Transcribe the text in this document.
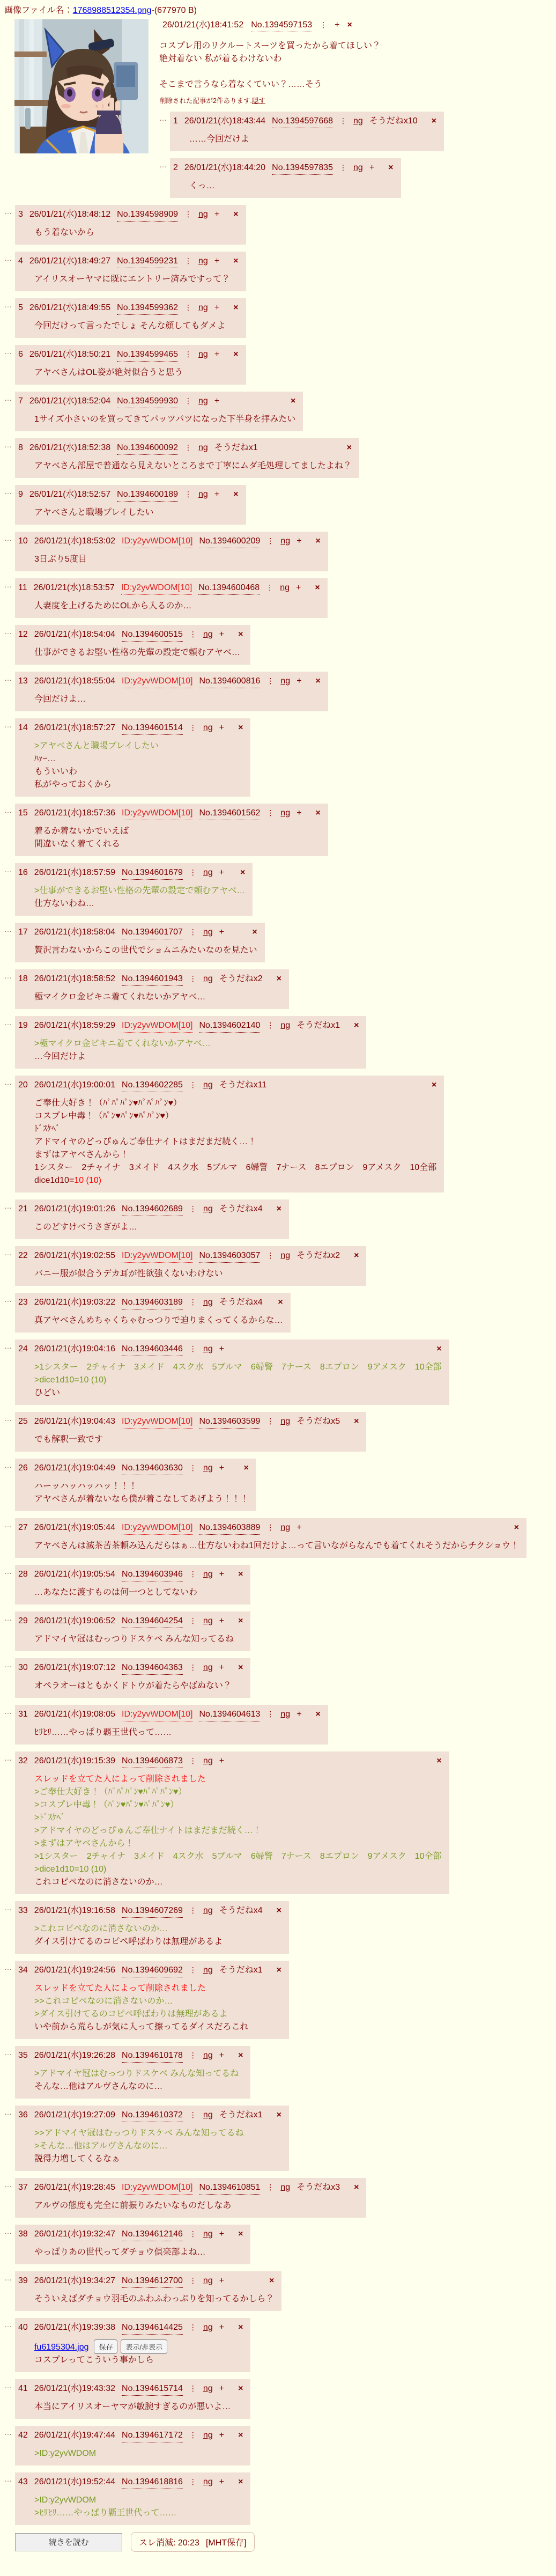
画像ファイル名：1768988512354.png-(677970 B)
26/01/21(水)18:41:52 No.1394597153 ⋮ + ×
コスプレ用のリクルートスーツを買ったから着てほしい？
絶対着ない 私が着るわけないわ

そこまで言うなら着なくていい？……そう
削除された記事が2件あります.隠す
… 1 26/01/21(水)18:43:44 No.1394597668 ⋮ ng そうだねx10	×
……今回だけよ
… 2 26/01/21(水)18:44:20 No.1394597835 ⋮ ng +	×
くっ…
… 3 26/01/21(水)18:48:12 No.1394598909 ⋮ ng +	×
もう着ないから
… 4 26/01/21(水)18:49:27 No.1394599231 ⋮ ng +	×
アイリスオーヤマに既にエントリー済みですって？
… 5 26/01/21(水)18:49:55 No.1394599362 ⋮ ng +	×
今回だけって言ったでしょ そんな顔してもダメよ
… 6 26/01/21(水)18:50:21 No.1394599465 ⋮ ng +	×
アヤベさんはOL姿が絶対似合うと思う
… 7 26/01/21(水)18:52:04 No.1394599930 ⋮ ng +	×
1サイズ小さいのを買ってきてパッツパツになった下半身を拝みたい
… 8 26/01/21(水)18:52:38 No.1394600092 ⋮ ng そうだねx1	×
アヤベさん部屋で普通なら見えないところまで丁寧にムダ毛処理してましたよね？
… 9 26/01/21(水)18:52:57 No.1394600189 ⋮ ng +	×
アヤベさんと職場プレイしたい
… 10 26/01/21(水)18:53:02 ID:y2yvWDOM[10] No.1394600209 ⋮ ng +	×
3日ぶり5度目
… 11 26/01/21(水)18:53:57 ID:y2yvWDOM[10] No.1394600468 ⋮ ng +	×
人妻度を上げるためにOLから入るのか…
… 12 26/01/21(水)18:54:04 No.1394600515 ⋮ ng +	×
仕事ができるお堅い性格の先輩の設定で頼むアヤベ…
… 13 26/01/21(水)18:55:04 ID:y2yvWDOM[10] No.1394600816 ⋮ ng +	×
今回だけよ…
… 14 26/01/21(水)18:57:27 No.1394601514 ⋮ ng +	×
>アヤベさんと職場プレイしたい
ﾊｧｰ…
もういいわ
私がやっておくから
… 15 26/01/21(水)18:57:36 ID:y2yvWDOM[10] No.1394601562 ⋮ ng +	×
着るか着ないかでいえば
間違いなく着てくれる
… 16 26/01/21(水)18:57:59 No.1394601679 ⋮ ng +	×
>仕事ができるお堅い性格の先輩の設定で頼むアヤベ…
仕方ないわね…
… 17 26/01/21(水)18:58:04 No.1394601707 ⋮ ng +	×
贅沢言わないからこの世代でショムニみたいなのを見たい
… 18 26/01/21(水)18:58:52 No.1394601943 ⋮ ng そうだねx2	×
極マイクロ金ビキニ着てくれないかアヤベ…
… 19 26/01/21(水)18:59:29 ID:y2yvWDOM[10] No.1394602140 ⋮ ng そうだねx1	×
>極マイクロ金ビキニ着てくれないかアヤベ…
…今回だけよ
… 20 26/01/21(水)19:00:01 No.1394602285 ⋮ ng そうだねx11	×
ご奉仕大好き！（ﾊﾟﾊﾟﾊﾟﾝ♥ﾊﾟﾊﾟﾊﾟﾝ♥）
コスプレ中毒！（ﾊﾟﾝ♥ﾊﾟﾝ♥ﾊﾟﾊﾟﾝ♥）
ﾄﾞｽｹﾍﾞ
アドマイヤのどっぴゅんご奉仕ナイトはまだまだ続く…！
まずはアヤベさんから！
1シスター　2チャイナ　3メイド　4スク水　5ブルマ　6婦警　7ナース　8エプロン　9アメスク　10全部
dice1d10=10 (10)
… 21 26/01/21(水)19:01:26 No.1394602689 ⋮ ng そうだねx4	×
このどすけべうさぎがよ…
… 22 26/01/21(水)19:02:55 ID:y2yvWDOM[10] No.1394603057 ⋮ ng そうだねx2	×
バニー服が似合うデカ耳が性欲強くないわけない
… 23 26/01/21(水)19:03:22 No.1394603189 ⋮ ng そうだねx4	×
真アヤベさんめちゃくちゃむっつりで迫りまくってくるからな…
… 24 26/01/21(水)19:04:16 No.1394603446 ⋮ ng +	×
>1シスター　2チャイナ　3メイド　4スク水　5ブルマ　6婦警　7ナース　8エプロン　9アメスク　10全部
>dice1d10=10 (10)
ひどい
… 25 26/01/21(水)19:04:43 ID:y2yvWDOM[10] No.1394603599 ⋮ ng そうだねx5	×
でも解釈一致です
… 26 26/01/21(水)19:04:49 No.1394603630 ⋮ ng +	×
ハーッハッハッハッ！！！
アヤベさんが着ないなら僕が着こなしてあげよう！！！
… 27 26/01/21(水)19:05:44 ID:y2yvWDOM[10] No.1394603889 ⋮ ng +	×
アヤベさんは滅茶苦茶頼み込んだらはぁ…仕方ないわね1回だけよ…って言いながらなんでも着てくれそうだからチクショウ！
… 28 26/01/21(水)19:05:54 No.1394603946 ⋮ ng +	×
…あなたに渡すものは何一つとしてないわ
… 29 26/01/21(水)19:06:52 No.1394604254 ⋮ ng +	×
アドマイヤ冠はむっつりドスケベ みんな知ってるね
… 30 26/01/21(水)19:07:12 No.1394604363 ⋮ ng +	×
オペラオーはともかくドトウが着たらやばぬない？
… 31 26/01/21(水)19:08:05 ID:y2yvWDOM[10] No.1394604613 ⋮ ng +	×
ﾋﾘﾋﾘ……やっぱり覇王世代って……
… 32 26/01/21(水)19:15:39 No.1394606873 ⋮ ng +	×
スレッドを立てた人によって削除されました
>ご奉仕大好き！（ﾊﾟﾊﾟﾊﾟﾝ♥ﾊﾟﾊﾟﾊﾟﾝ♥）
>コスプレ中毒！（ﾊﾟﾝ♥ﾊﾟﾝ♥ﾊﾟﾊﾟﾝ♥）
>ﾄﾞｽｹﾍﾞ
>アドマイヤのどっぴゅんご奉仕ナイトはまだまだ続く…！
>まずはアヤベさんから！
>1シスター　2チャイナ　3メイド　4スク水　5ブルマ　6婦警　7ナース　8エプロン　9アメスク　10全部
>dice1d10=10 (10)
これコピペなのに消さないのか…
… 33 26/01/21(水)19:16:58 No.1394607269 ⋮ ng そうだねx4	×
>これコピペなのに消さないのか…
ダイス引けてるのコピペ呼ばわりは無理があるよ
… 34 26/01/21(水)19:24:56 No.1394609692 ⋮ ng そうだねx1	×
スレッドを立てた人によって削除されました
>>これコピペなのに消さないのか…
>ダイス引けてるのコピペ呼ばわりは無理があるよ
いや前から荒らしが気に入って擦ってるダイスだろこれ
… 35 26/01/21(水)19:26:28 No.1394610178 ⋮ ng +	×
>アドマイヤ冠はむっつりドスケベ みんな知ってるね
そんな…他はアルヴさんなのに…
… 36 26/01/21(水)19:27:09 No.1394610372 ⋮ ng そうだねx1	×
>>アドマイヤ冠はむっつりドスケベ みんな知ってるね
>そんな…他はアルヴさんなのに…
説得力増してくるなぁ
… 37 26/01/21(水)19:28:45 ID:y2yvWDOM[10] No.1394610851 ⋮ ng そうだねx3	×
アルヴの態度も完全に前振りみたいなものだしなあ
… 38 26/01/21(水)19:32:47 No.1394612146 ⋮ ng +	×
やっぱりあの世代ってダチョウ倶楽部よね…
… 39 26/01/21(水)19:34:27 No.1394612700 ⋮ ng +	×
そういえばダチョウ羽毛のふわふわっぷりを知ってるかしら？
… 40 26/01/21(水)19:39:38 No.1394614425 ⋮ ng +	×
fu6195304.jpg 保存 表示/非表示
コスプレってこういう事かしら
… 41 26/01/21(水)19:43:32 No.1394615714 ⋮ ng +	×
本当にアイリスオーヤマが敏腕すぎるのが悪いよ…
… 42 26/01/21(水)19:47:44 No.1394617172 ⋮ ng +	×
>ID:y2yvWDOM
… 43 26/01/21(水)19:52:44 No.1394618816 ⋮ ng +	×
>ID:y2yvWDOM
>ﾋﾘﾋﾘ……やっぱり覇王世代って……
続きを読む	スレ消滅: 20:23 [MHT保存]
